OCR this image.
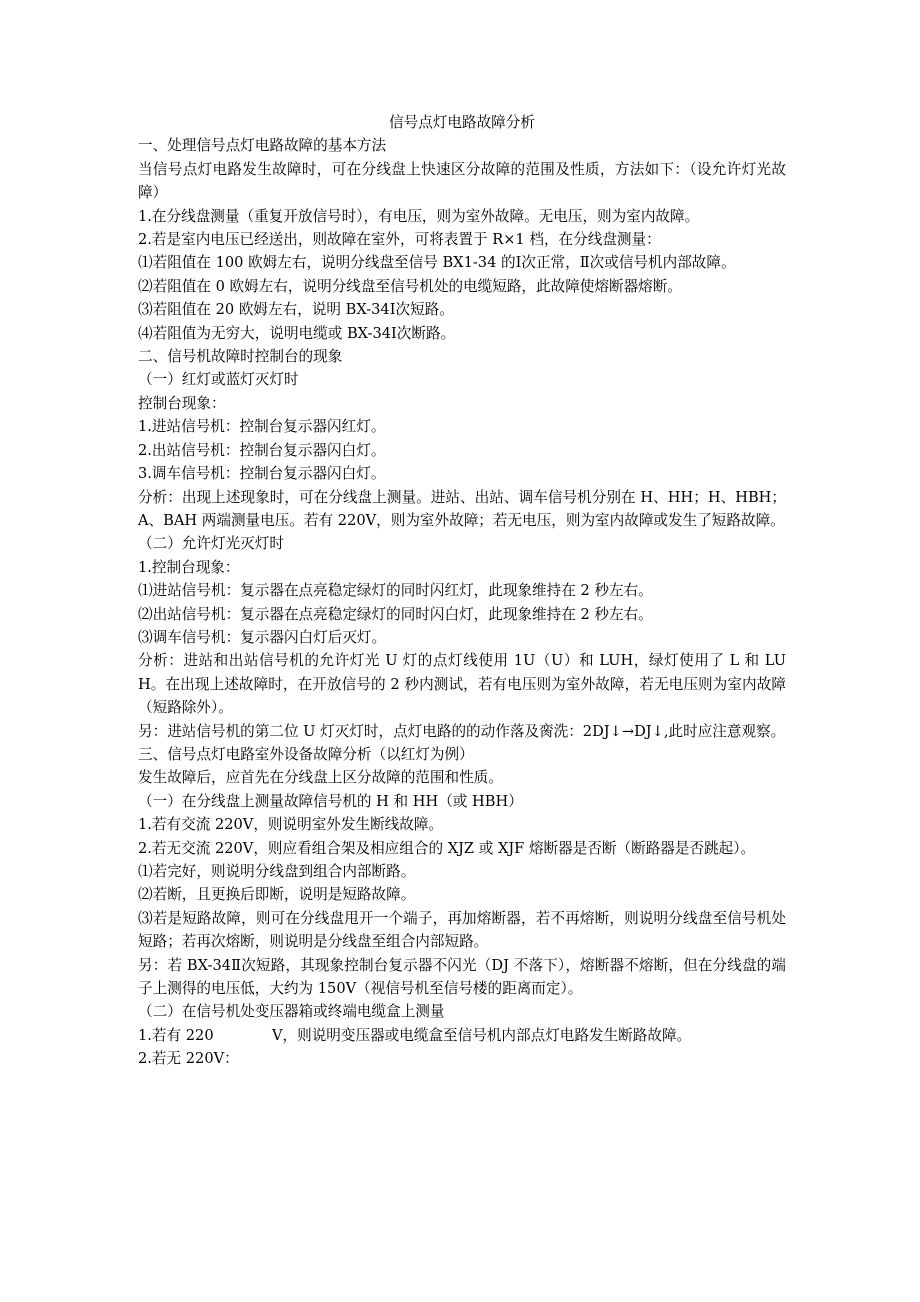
信号点灯电路故障分析

一、处理信号点灯电路故障的基本方法

当信号点灯电路发生故障时，可在分线盘上快速区分故障的范围及性质，方法如下：（设允许灯光故障）

1.在分线盘测量（重复开放信号时），有电压，则为室外故障。无电压，则为室内故障。

2.若是室内电压已经送出，则故障在室外，可将表置于 R×1 档，在分线盘测量：

⑴若阻值在 100 欧姆左右，说明分线盘至信号 BX1-34 的Ⅰ次正常，Ⅱ次或信号机内部故障。

⑵若阻值在 0 欧姆左右，说明分线盘至信号机处的电缆短路，此故障使熔断器熔断。

⑶若阻值在 20 欧姆左右，说明 BX-34Ⅰ次短路。

⑷若阻值为无穷大，说明电缆或 BX-34Ⅰ次断路。

二、信号机故障时控制台的现象

（一）红灯或蓝灯灭灯时

控制台现象：

1.进站信号机：控制台复示器闪红灯。

2.出站信号机：控制台复示器闪白灯。

3.调车信号机：控制台复示器闪白灯。

分析：出现上述现象时，可在分线盘上测量。进站、出站、调车信号机分别在 H、HH；H、HBH；A、BAH 两端测量电压。若有 220V，则为室外故障；若无电压，则为室内故障或发生了短路故障。

（二）允许灯光灭灯时

1.控制台现象：

⑴进站信号机：复示器在点亮稳定绿灯的同时闪红灯，此现象维持在 2 秒左右。

⑵出站信号机：复示器在点亮稳定绿灯的同时闪白灯，此现象维持在 2 秒左右。

⑶调车信号机：复示器闪白灯后灭灯。

分析：进站和出站信号机的允许灯光 U 灯的点灯线使用 1U（U）和 LUH，绿灯使用了 L 和 LUH。在出现上述故障时，在开放信号的 2 秒内测试，若有电压则为室外故障，若无电压则为室内故障（短路除外）。

另：进站信号机的第二位 U 灯灭灯时，点灯电路的的动作落及脔洗：2DJ↓→DJ↓,此时应注意观察。

三、信号点灯电路室外设备故障分析（以红灯为例）

发生故障后，应首先在分线盘上区分故障的范围和性质。

（一）在分线盘上测量故障信号机的 H 和 HH（或 HBH）

1.若有交流 220V，则说明室外发生断线故障。

2.若无交流 220V，则应看组合架及相应组合的 XJZ 或 XJF 熔断器是否断（断路器是否跳起）。

⑴若完好，则说明分线盘到组合内部断路。

⑵若断，且更换后即断，说明是短路故障。

⑶若是短路故障，则可在分线盘甩开一个端子，再加熔断器，若不再熔断，则说明分线盘至信号机处短路；若再次熔断，则说明是分线盘至组合内部短路。

另：若 BX-34Ⅱ次短路，其现象控制台复示器不闪光（DJ 不落下），熔断器不熔断，但在分线盘的端子上测得的电压低，大约为 150V（视信号机至信号楼的距离而定）。

（二）在信号机处变压器箱或终端电缆盒上测量

1.若有 220　　　　V，则说明变压器或电缆盒至信号机内部点灯电路发生断路故障。

2.若无 220V：
